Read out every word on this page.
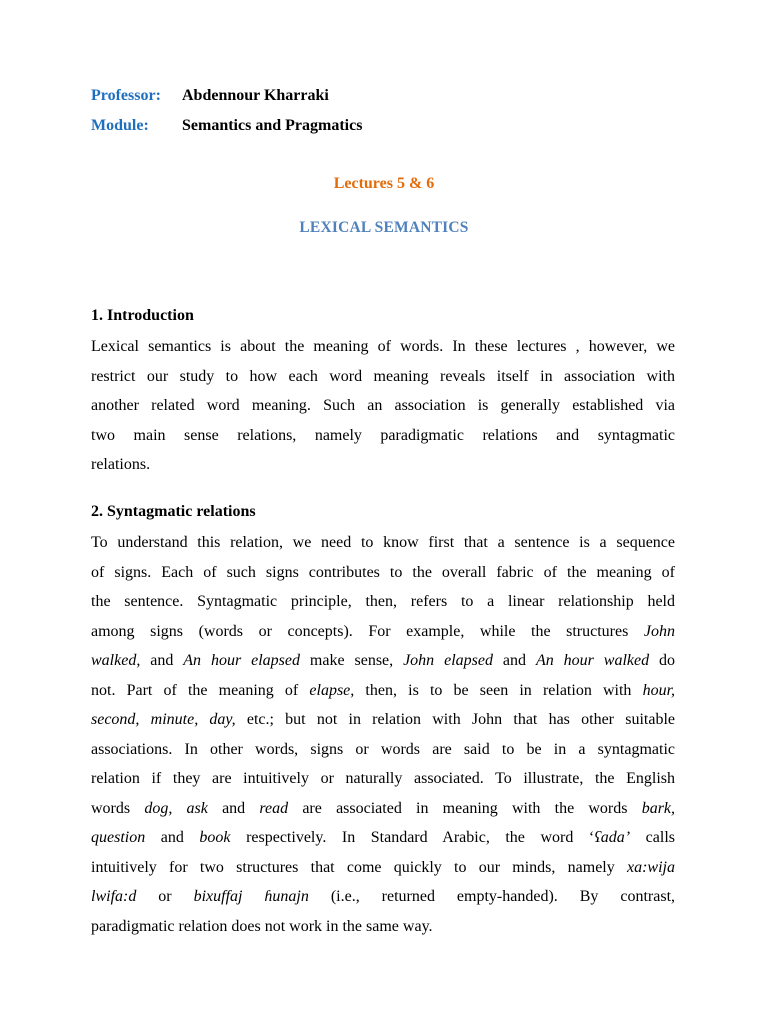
Professor: Abdennour Kharraki
Module: Semantics and Pragmatics
Lectures 5 & 6
LEXICAL SEMANTICS
1. Introduction
Lexical semantics is about the meaning of words. In these lectures , however, we
restrict our study to how each word meaning reveals itself in association with
another related word meaning. Such an association is generally established via
two main sense relations, namely paradigmatic relations and syntagmatic
relations.
2. Syntagmatic relations
To understand this relation, we need to know first that a sentence is a sequence
of signs. Each of such signs contributes to the overall fabric of the meaning of
the sentence. Syntagmatic principle, then, refers to a linear relationship held
among signs (words or concepts). For example, while the structures John
walked, and An hour elapsed make sense, John elapsed and An hour walked do
not. Part of the meaning of elapse, then, is to be seen in relation with hour,
second, minute, day, etc.; but not in relation with John that has other suitable
associations. In other words, signs or words are said to be in a syntagmatic
relation if they are intuitively or naturally associated. To illustrate, the English
words dog, ask and read are associated in meaning with the words bark,
question and book respectively. In Standard Arabic, the word ‘ʕada’ calls
intuitively for two structures that come quickly to our minds, namely xa:wija
lwifa:d or bixuffaj ɦunajn (i.e., returned empty-handed). By contrast,
paradigmatic relation does not work in the same way.
